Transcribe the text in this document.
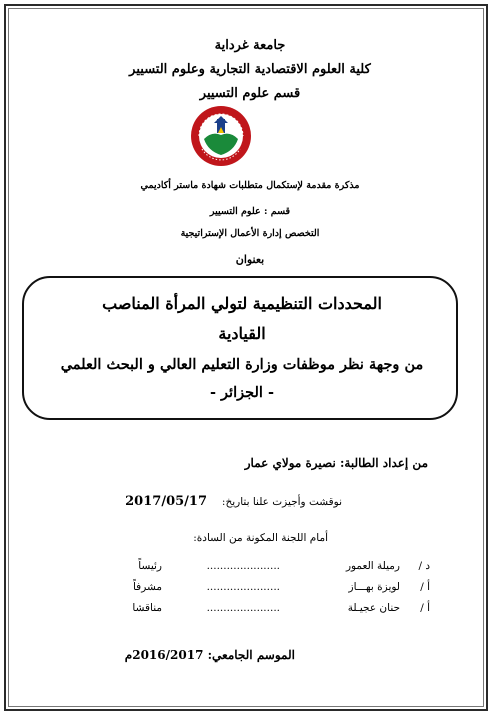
جامعة غرداية
كلية العلوم الاقتصادية التجارية وعلوم التسيير
قسم علوم التسيير
مذكرة مقدمة لإستكمال متطلبات شهادة ماستر أكاديمي
قسم : علوم التسيير
التخصص إدارة الأعمال الإستراتيجية
بعنوان
المحددات التنظيمية لتولي المرأة المناصب
القيادية
من وجهة نظر موظفات وزارة التعليم العالي و البحث العلمي
- الجزائر -
من إعداد الطالبة: نصيرة مولاي عمار
نوقشت وأجيزت علنا بتاريخ:
2017/05/17
أمام اللجنة المكونة من السادة:
د /
رميلة العمور
......................
رئيساً
أ /
لويزة بهـــاز
......................
مشرفاً
أ /
حنان عجيـلة
......................
مناقشا
الموسم الجامعي: 2016/2017م
